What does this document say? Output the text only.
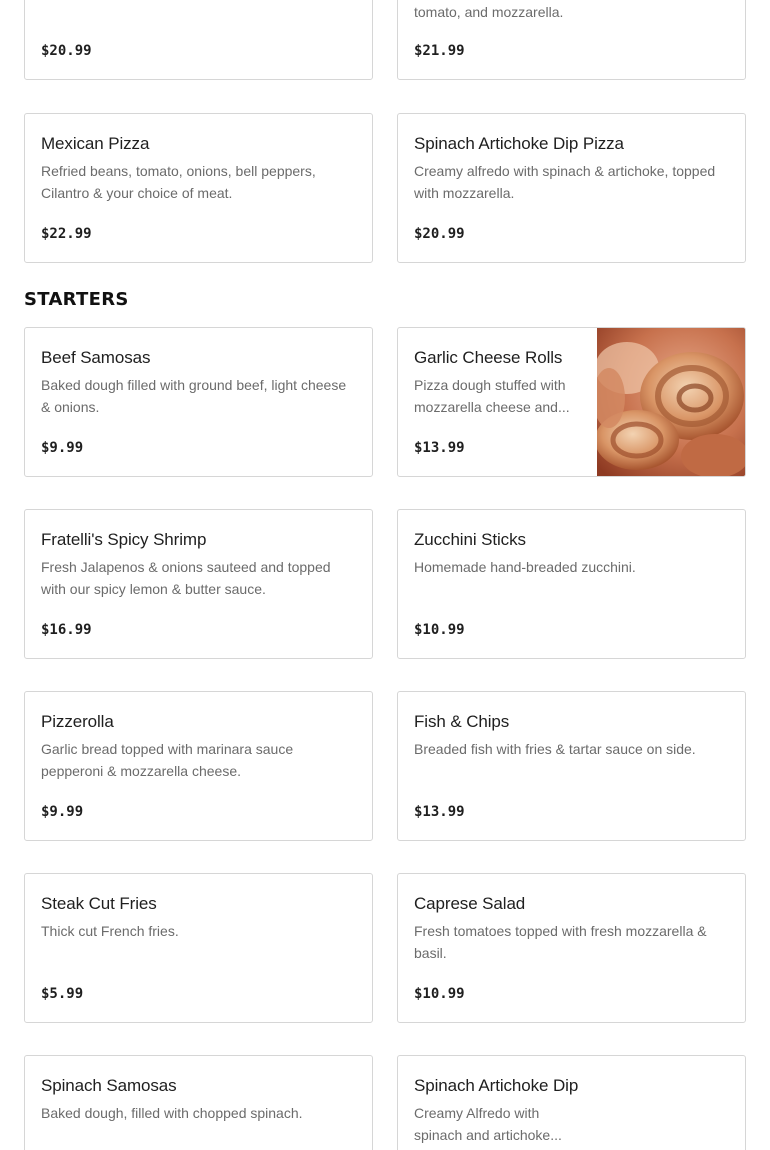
$20.99
tomato, and mozzarella.
$21.99
Mexican Pizza
Refried beans, tomato, onions, bell peppers, Cilantro & your choice of meat.
$22.99
Spinach Artichoke Dip Pizza
Creamy alfredo with spinach & artichoke, topped with mozzarella.
$20.99
STARTERS
Beef Samosas
Baked dough filled with ground beef, light cheese & onions.
$9.99
Garlic Cheese Rolls
Pizza dough stuffed with mozzarella cheese and...
$13.99
Fratelli's Spicy Shrimp
Fresh Jalapenos & onions sauteed and topped with our spicy lemon & butter sauce.
$16.99
Zucchini Sticks
Homemade hand-breaded zucchini.
$10.99
Pizzerolla
Garlic bread topped with marinara sauce pepperoni & mozzarella cheese.
$9.99
Fish & Chips
Breaded fish with fries & tartar sauce on side.
$13.99
Steak Cut Fries
Thick cut French fries.
$5.99
Caprese Salad
Fresh tomatoes topped with fresh mozzarella & basil.
$10.99
Spinach Samosas
Baked dough, filled with chopped spinach.
Spinach Artichoke Dip
Creamy Alfredo with spinach and artichoke...
